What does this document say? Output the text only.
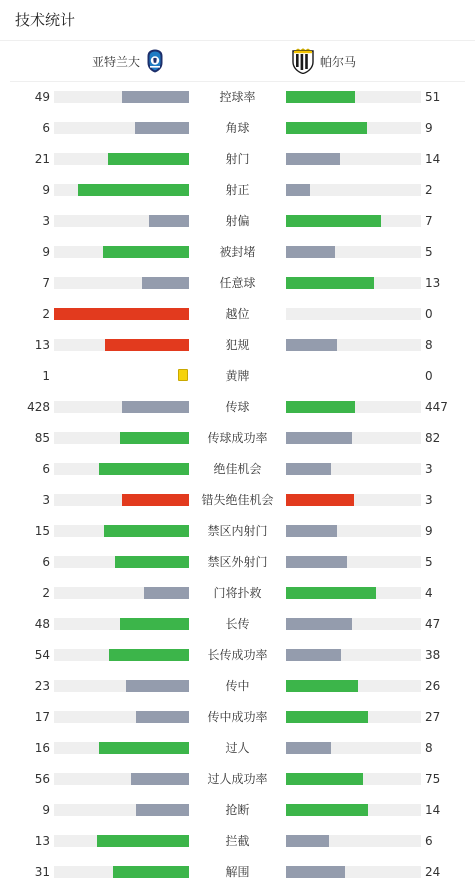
技术统计
亚特兰大	帕尔马
49	控球率	51
6	角球	9
21	射门	14
9	射正	2
3	射偏	7
9	被封堵	5
7	任意球	13
2	越位	0
13	犯规	8
1	黄牌	0
428	传球	447
85	传球成功率	82
6	绝佳机会	3
3	错失绝佳机会	3
15	禁区内射门	9
6	禁区外射门	5
2	门将扑救	4
48	长传	47
54	长传成功率	38
23	传中	26
17	传中成功率	27
16	过人	8
56	过人成功率	75
9	抢断	14
13	拦截	6
31	解围	24
